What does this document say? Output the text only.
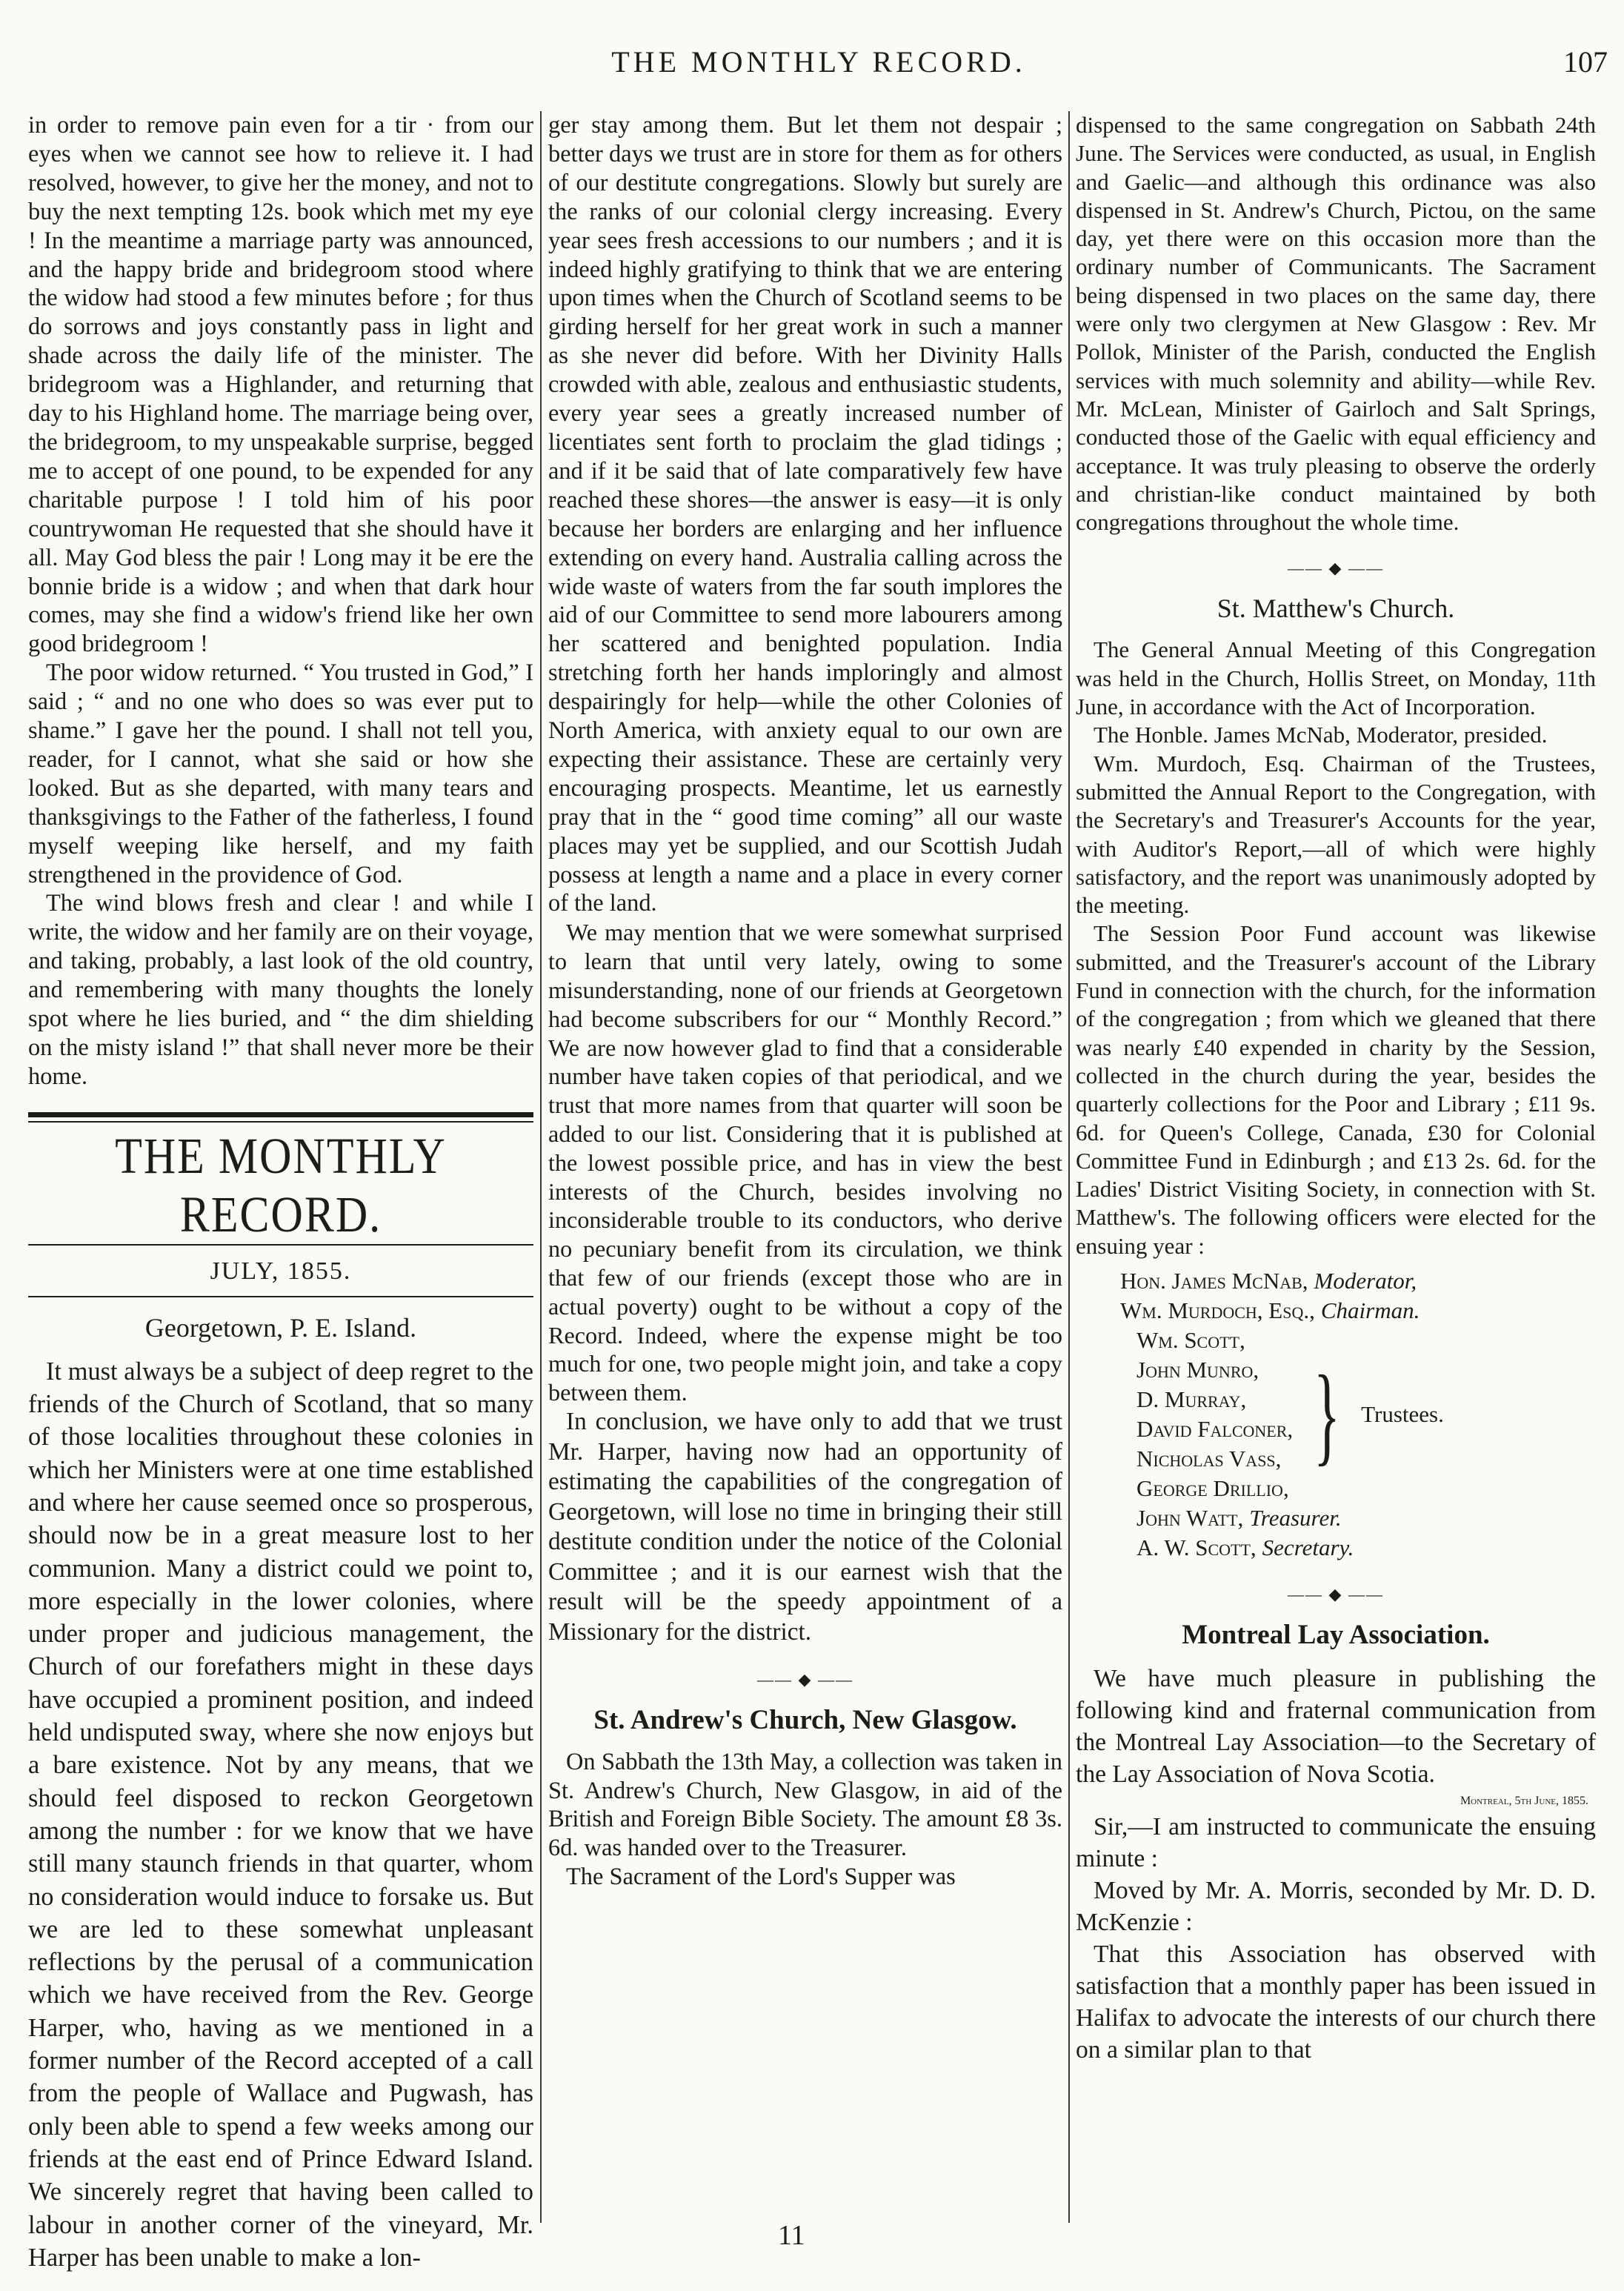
THE MONTHLY RECORD.	107

in order to remove pain even for a tir · from our eyes when we cannot see how to relieve it. I had resolved, however, to give her the money, and not to buy the next tempting 12s. book which met my eye ! In the meantime a marriage party was announced, and the happy bride and bridegroom stood where the widow had stood a few minutes before ; for thus do sorrows and joys constantly pass in light and shade across the daily life of the minister. The bridegroom was a Highlander, and returning that day to his Highland home. The marriage being over, the bridegroom, to my unspeakable surprise, begged me to accept of one pound, to be expended for any charitable purpose ! I told him of his poor countrywoman He requested that she should have it all. May God bless the pair ! Long may it be ere the bonnie bride is a widow ; and when that dark hour comes, may she find a widow's friend like her own good bridegroom !

The poor widow returned. “ You trusted in God,” I said ; “ and no one who does so was ever put to shame.” I gave her the pound. I shall not tell you, reader, for I cannot, what she said or how she looked. But as she departed, with many tears and thanksgivings to the Father of the fatherless, I found myself weeping like herself, and my faith strengthened in the providence of God.

The wind blows fresh and clear ! and while I write, the widow and her family are on their voyage, and taking, probably, a last look of the old country, and remembering with many thoughts the lonely spot where he lies buried, and “ the dim shielding on the misty island !” that shall never more be their home.

THE MONTHLY RECORD.
JULY, 1855.
Georgetown, P. E. Island.

It must always be a subject of deep regret to the friends of the Church of Scotland, that so many of those localities throughout these colonies in which her Ministers were at one time established and where her cause seemed once so prosperous, should now be in a great measure lost to her communion. Many a district could we point to, more especially in the lower colonies, where under proper and judicious management, the Church of our forefathers might in these days have occupied a prominent position, and indeed held undisputed sway, where she now enjoys but a bare existence. Not by any means, that we should feel disposed to reckon Georgetown among the number : for we know that we have still many staunch friends in that quarter, whom no consideration would induce to forsake us. But we are led to these somewhat unpleasant reflections by the perusal of a communication which we have received from the Rev. George Harper, who, having as we mentioned in a former number of the Record accepted of a call from the people of Wallace and Pugwash, has only been able to spend a few weeks among our friends at the east end of Prince Edward Island. We sincerely regret that having been called to labour in another corner of the vineyard, Mr. Harper has been unable to make a lon-

ger stay among them. But let them not despair ; better days we trust are in store for them as for others of our destitute congregations. Slowly but surely are the ranks of our colonial clergy increasing. Every year sees fresh accessions to our numbers ; and it is indeed highly gratifying to think that we are entering upon times when the Church of Scotland seems to be girding herself for her great work in such a manner as she never did before. With her Divinity Halls crowded with able, zealous and enthusiastic students, every year sees a greatly increased number of licentiates sent forth to proclaim the glad tidings ; and if it be said that of late comparatively few have reached these shores—the answer is easy—it is only because her borders are enlarging and her influence extending on every hand. Australia calling across the wide waste of waters from the far south implores the aid of our Committee to send more labourers among her scattered and benighted population. India stretching forth her hands imploringly and almost despairingly for help—while the other Colonies of North America, with anxiety equal to our own are expecting their assistance. These are certainly very encouraging prospects. Meantime, let us earnestly pray that in the “ good time coming” all our waste places may yet be supplied, and our Scottish Judah possess at length a name and a place in every corner of the land.

We may mention that we were somewhat surprised to learn that until very lately, owing to some misunderstanding, none of our friends at Georgetown had become subscribers for our “ Monthly Record.” We are now however glad to find that a considerable number have taken copies of that periodical, and we trust that more names from that quarter will soon be added to our list. Considering that it is published at the lowest possible price, and has in view the best interests of the Church, besides involving no inconsiderable trouble to its conductors, who derive no pecuniary benefit from its circulation, we think that few of our friends (except those who are in actual poverty) ought to be without a copy of the Record. Indeed, where the expense might be too much for one, two people might join, and take a copy between them.

In conclusion, we have only to add that we trust Mr. Harper, having now had an opportunity of estimating the capabilities of the congregation of Georgetown, will lose no time in bringing their still destitute condition under the notice of the Colonial Committee ; and it is our earnest wish that the result will be the speedy appointment of a Missionary for the district.

—— ◆ ——
St. Andrew's Church, New Glasgow.

On Sabbath the 13th May, a collection was taken in St. Andrew's Church, New Glasgow, in aid of the British and Foreign Bible Society. The amount £8 3s. 6d. was handed over to the Treasurer.

The Sacrament of the Lord's Supper was

dispensed to the same congregation on Sabbath 24th June. The Services were conducted, as usual, in English and Gaelic—and although this ordinance was also dispensed in St. Andrew's Church, Pictou, on the same day, yet there were on this occasion more than the ordinary number of Communicants. The Sacrament being dispensed in two places on the same day, there were only two clergymen at New Glasgow : Rev. Mr Pollok, Minister of the Parish, conducted the English services with much solemnity and ability—while Rev. Mr. McLean, Minister of Gairloch and Salt Springs, conducted those of the Gaelic with equal efficiency and acceptance. It was truly pleasing to observe the orderly and christian-like conduct maintained by both congregations throughout the whole time.

—— ◆ ——
St. Matthew's Church.

The General Annual Meeting of this Congregation was held in the Church, Hollis Street, on Monday, 11th June, in accordance with the Act of Incorporation.

The Honble. James McNab, Moderator, presided.

Wm. Murdoch, Esq. Chairman of the Trustees, submitted the Annual Report to the Congregation, with the Secretary's and Treasurer's Accounts for the year, with Auditor's Report,—all of which were highly satisfactory, and the report was unanimously adopted by the meeting.

The Session Poor Fund account was likewise submitted, and the Treasurer's account of the Library Fund in connection with the church, for the information of the congregation ; from which we gleaned that there was nearly £40 expended in charity by the Session, collected in the church during the year, besides the quarterly collections for the Poor and Library ; £11 9s. 6d. for Queen's College, Canada, £30 for Colonial Committee Fund in Edinburgh ; and £13 2s. 6d. for the Ladies' District Visiting Society, in connection with St. Matthew's. The following officers were elected for the ensuing year :

Hon. James McNab, Moderator,
Wm. Murdoch, Esq., Chairman.
Wm. Scott,
John Munro,
D. Murray,
David Falconer,
Nicholas Vass,
George Drillio,
} Trustees.
John Watt, Treasurer.
A. W. Scott, Secretary.
—— ◆ ——
Montreal Lay Association.

We have much pleasure in publishing the following kind and fraternal communication from the Montreal Lay Association—to the Secretary of the Lay Association of Nova Scotia.

Montreal, 5th June, 1855.

Sir,—I am instructed to communicate the ensuing minute :

Moved by Mr. A. Morris, seconded by Mr. D. D. McKenzie :

That this Association has observed with satisfaction that a monthly paper has been issued in Halifax to advocate the interests of our church there on a similar plan to that

11
